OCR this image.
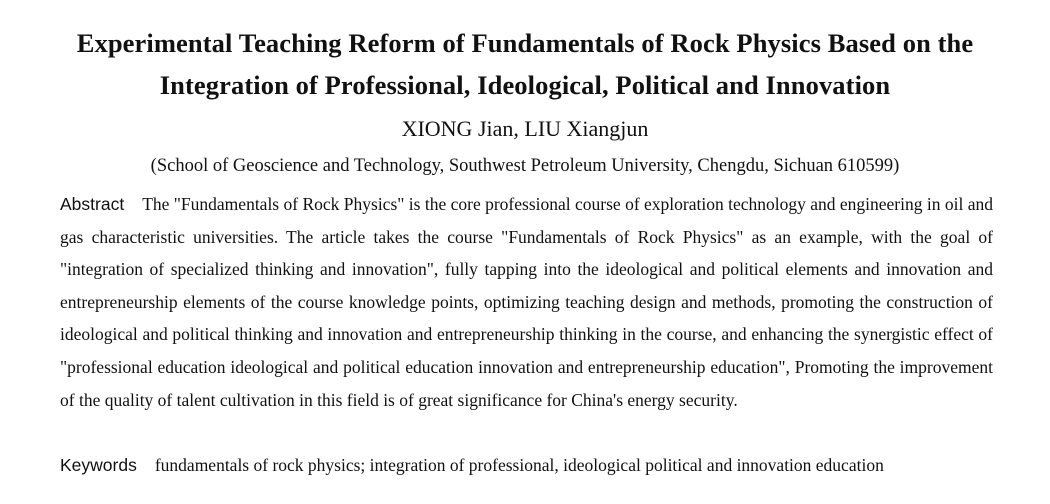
Experimental Teaching Reform of Fundamentals of Rock Physics Based on the
Integration of Professional, Ideological, Political and Innovation
XIONG Jian, LIU Xiangjun
(School of Geoscience and Technology, Southwest Petroleum University, Chengdu, Sichuan 610599)

Abstract The "Fundamentals of Rock Physics" is the core professional course of exploration technology and engineering in oil and gas characteristic universities. The article takes the course "Fundamentals of Rock Physics" as an example, with the goal of "integration of specialized thinking and innovation", fully tapping into the ideological and political elements and innovation and entrepreneurship elements of the course knowledge points, optimizing teaching design and methods, promoting the construction of ideological and political thinking and innovation and entrepreneurship thinking in the course, and enhancing the synergistic effect of "professional education ideological and political education innovation and entrepreneurship education", Promoting the improvement of the quality of talent cultivation in this field is of great significance for China's energy security.

Keywords fundamentals of rock physics; integration of professional, ideological political and innovation education
